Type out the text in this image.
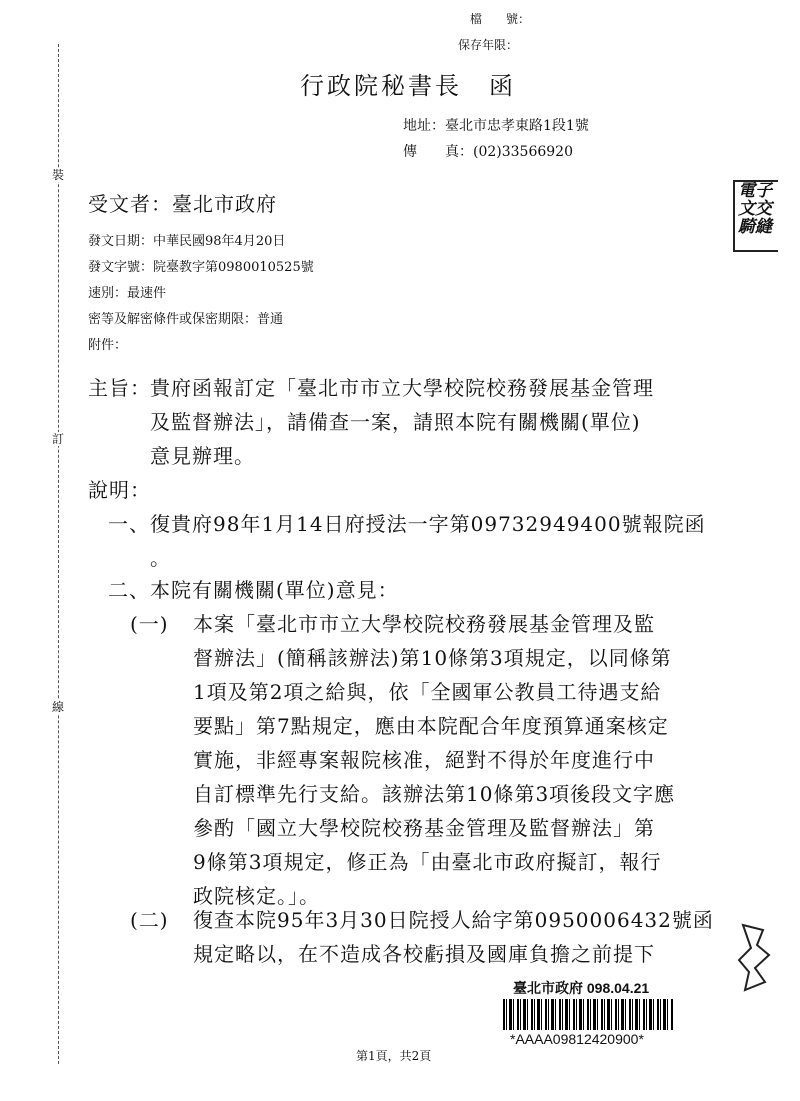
檔　　號：
保存年限：
裝
訂
線
行政院秘書長　函
地址：臺北市忠孝東路1段1號
傳　　真：(02)33566920
電子
文交
騎縫
受文者：臺北市政府
發文日期：中華民國98年4月20日
發文字號：院臺教字第0980010525號
速別：最速件
密等及解密條件或保密期限：普通
附件：
主旨： 貴府函報訂定「臺北市市立大學校院校務發展基金管理
及監督辦法」，請備查一案，請照本院有關機關(單位)
意見辦理。
說明：
一、 復貴府98年1月14日府授法一字第09732949400號報院函
。
二、 本院有關機關(單位)意見：
(一) 本案「臺北市市立大學校院校務發展基金管理及監
督辦法」(簡稱該辦法)第10條第3項規定，以同條第
1項及第2項之給與，依「全國軍公教員工待遇支給
要點」第7點規定，應由本院配合年度預算通案核定
實施，非經專案報院核准，絕對不得於年度進行中
自訂標準先行支給。該辦法第10條第3項後段文字應
參酌「國立大學校院校務基金管理及監督辦法」第
9條第3項規定，修正為「由臺北市政府擬訂，報行
政院核定。」。
(二) 復查本院95年3月30日院授人給字第0950006432號函
規定略以，在不造成各校虧損及國庫負擔之前提下
臺北市政府 098.04.21
*AAAA09812420900*
第1頁，共2頁
